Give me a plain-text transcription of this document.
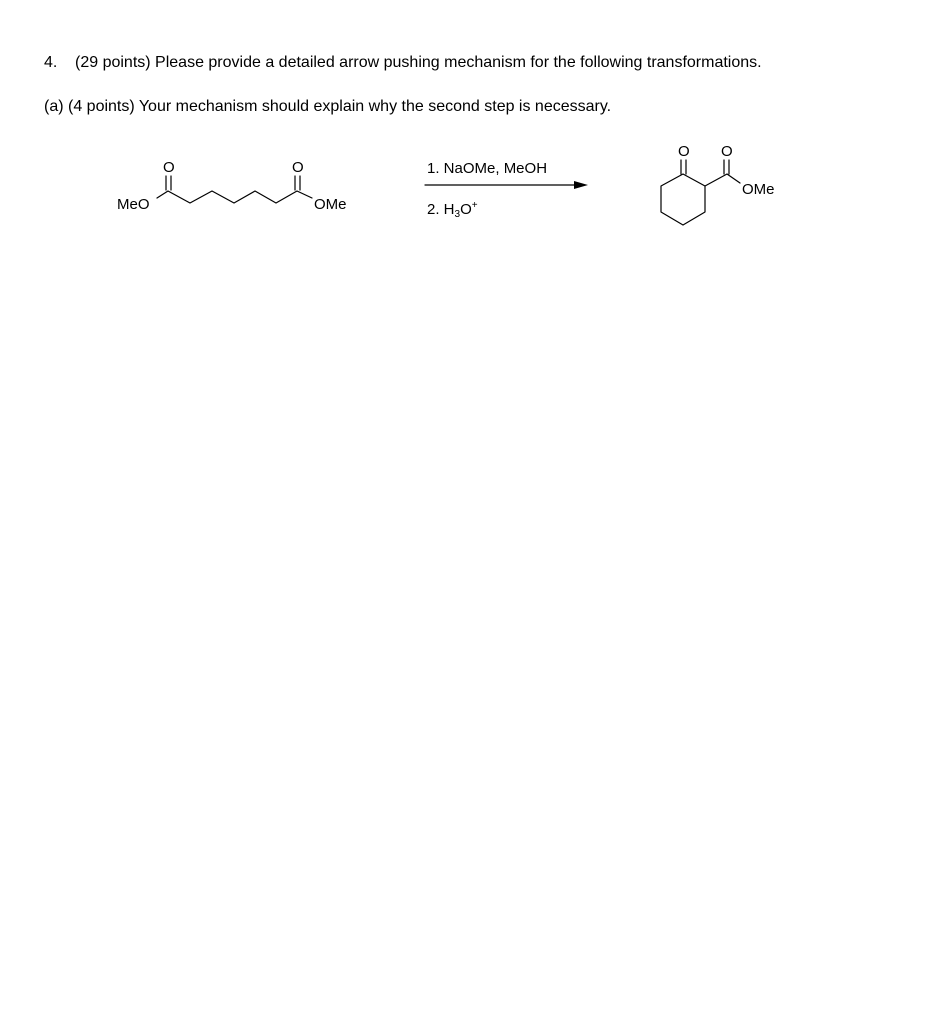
4. (29 points) Please provide a detailed arrow pushing mechanism for the following transformations.
(a) (4 points) Your mechanism should explain why the second step is necessary.
MeO
O	O
OMe
1. NaOMe, MeOH
2. $H_3O^+$
O O
OMe
